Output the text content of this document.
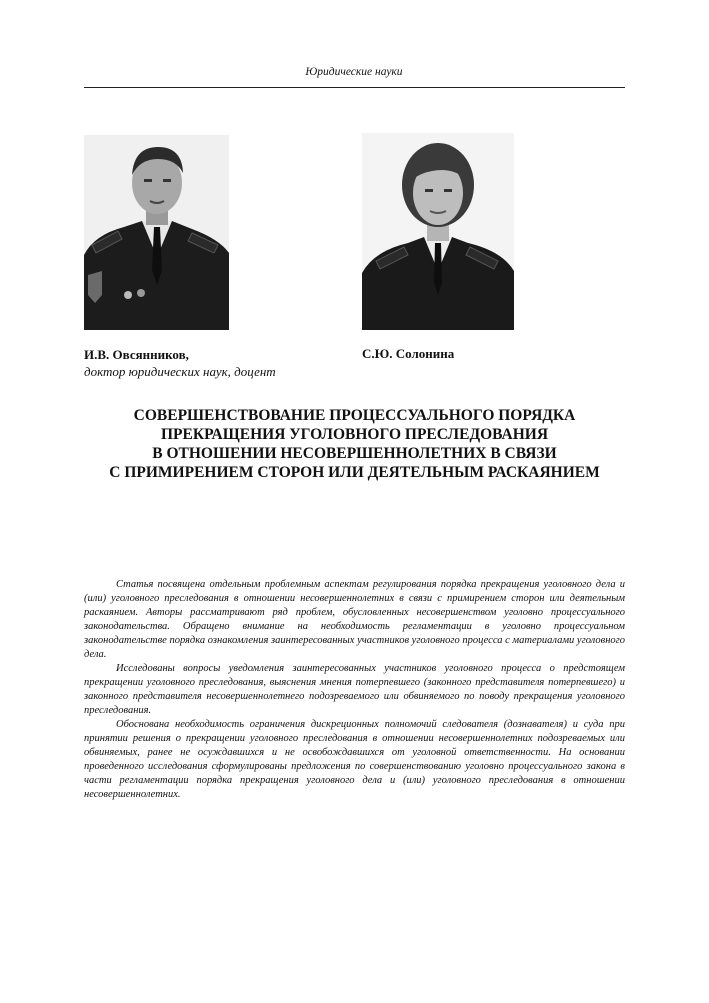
Юридические науки
И.В. Овсянников,
доктор юридических наук, доцент
С.Ю. Солонина
СОВЕРШЕНСТВОВАНИЕ ПРОЦЕССУАЛЬНОГО ПОРЯДКА
ПРЕКРАЩЕНИЯ УГОЛОВНОГО ПРЕСЛЕДОВАНИЯ
В ОТНОШЕНИИ НЕСОВЕРШЕННОЛЕТНИХ В СВЯЗИ
С ПРИМИРЕНИЕМ СТОРОН ИЛИ ДЕЯТЕЛЬНЫМ РАСКАЯНИЕМ

Статья посвящена отдельным проблемным аспектам регулирования порядка прекращения уголовного дела и (или) уголовного преследования в отношении несовершеннолетних в связи с примирением сторон или деятельным раскаянием. Авторы рассматривают ряд проблем, обусловленных несовершенством уголовно процессуального законодательства. Обращено внимание на необходимость регламентации в уголовно процессуальном законодательстве порядка ознакомления заинтересованных участников уголовного процесса с материалами уголовного дела.

Исследованы вопросы уведомления заинтересованных участников уголовного процесса о предстоящем прекращении уголовного преследования, выяснения мнения потерпевшего (законного представителя потерпевшего) и законного представителя несовершеннолетнего подозреваемого или обвиняемого по поводу прекращения уголовного преследования.

Обоснована необходимость ограничения дискреционных полномочий следователя (дознавателя) и суда при принятии решения о прекращении уголовного преследования в отношении несовершеннолетних подозреваемых или обвиняемых, ранее не осуждавшихся и не освобождавшихся от уголовной ответственности. На основании проведенного исследования сформулированы предложения по совершенствованию уголовно процессуального закона в части регламентации порядка прекращения уголовного дела и (или) уголовного преследования в отношении несовершеннолетних.
